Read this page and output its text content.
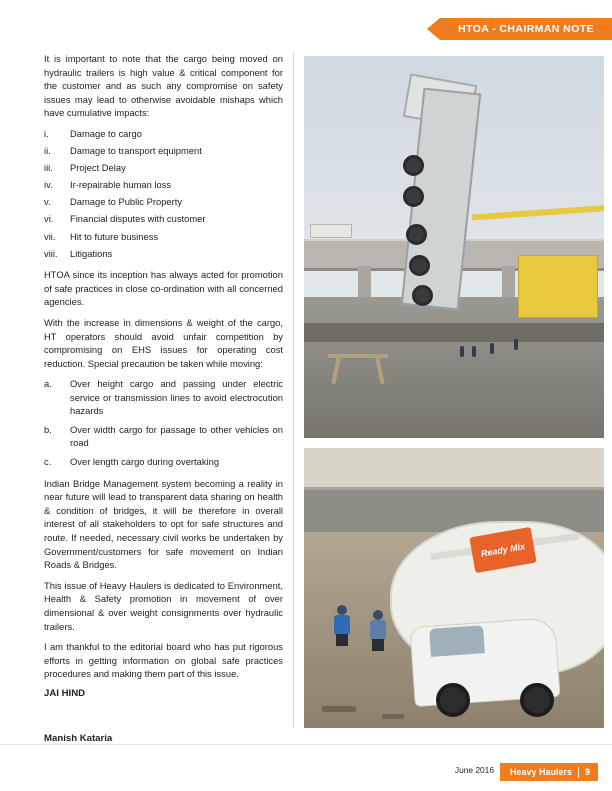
HTOA - CHAIRMAN NOTE

It is important to note that the cargo being moved on hydraulic trailers is high value & critical component for the customer and as such any compromise on safety issues may lead to otherwise avoidable mishaps which have cumulative impacts:

i.	Damage to cargo
ii.	Damage to transport equipment
iii.	Project Delay
iv.	Ir-repairable human loss
v.	Damage to Public Property
vi.	Financial disputes with customer
vii.	Hit to future business
viii.	Litigations

HTOA since its inception has always acted for promotion of safe practices in close co-ordination with all concerned agencies.

With the increase in dimensions & weight of the cargo, HT operators should avoid unfair competition by compromising on EHS issues for operating cost reduction. Special precaution be taken while moving:

a.	Over height cargo and passing under electric service or transmission lines to avoid electrocution hazards
b.	Over width cargo for passage to other vehicles on road
c.	Over length cargo during overtaking

Indian Bridge Management system becoming a reality in near future will lead to transparent data sharing on health & condition of bridges, it will be therefore in overall interest of all stakeholders to opt for safe structures and route. If needed, necessary civil works be undertaken by Government/customers for safe movement on Indian Roads & Bridges.

This issue of Heavy Haulers is dedicated to Environment, Health & Safety promotion in movement of over dimensional & over weight consignments over hydraulic trailers.

I am thankful to the editorial board who has put rigorous efforts in getting information on global safe practices procedures and making them part of this issue.

JAI HIND

Manish Kataria

Ready Mix
June 2016 Heavy Haulers 9
